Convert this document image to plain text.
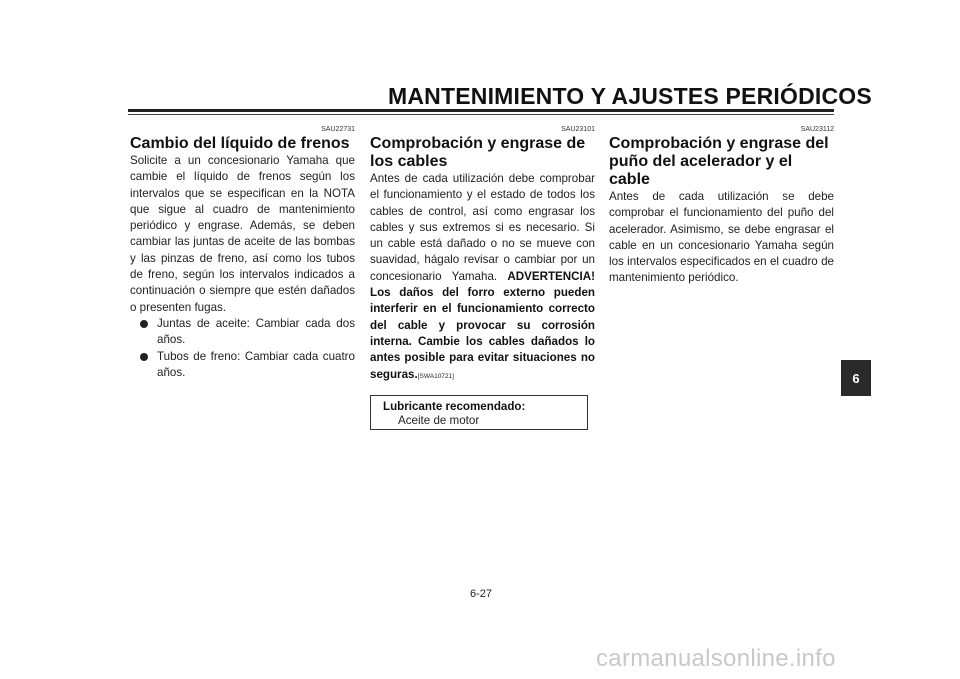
MANTENIMIENTO Y AJUSTES PERIÓDICOS
SAU22731
Cambio del líquido de frenos

Solicite a un concesionario Yamaha que cambie el líquido de frenos según los intervalos que se especifican en la NOTA que sigue al cuadro de mantenimiento periódico y engrase. Además, se deben cambiar las juntas de aceite de las bombas y las pinzas de freno, así como los tubos de freno, según los intervalos indicados a continuación o siempre que estén dañados o presenten fugas.

Juntas de aceite: Cambiar cada dos años.
Tubos de freno: Cambiar cada cuatro años.
SAU23101
Comprobación y engrase de los cables

Antes de cada utilización debe comprobar el funcionamiento y el estado de todos los cables de control, así como engrasar los cables y sus extremos si es necesario. Si un cable está dañado o no se mueve con suavidad, hágalo revisar o cambiar por un concesionario Yamaha. ADVERTENCIA! Los daños del forro externo pueden interferir en el funcionamiento correcto del cable y provocar su corrosión interna. Cambie los cables dañados lo antes posible para evitar situaciones no seguras.[SWA10721]

Lubricante recomendado:
Aceite de motor
SAU23112
Comprobación y engrase del puño del acelerador y el cable

Antes de cada utilización se debe comprobar el funcionamiento del puño del acelerador. Asimismo, se debe engrasar el cable en un concesionario Yamaha según los intervalos especificados en el cuadro de mantenimiento periódico.

6
6-27
carmanualsonline.info
